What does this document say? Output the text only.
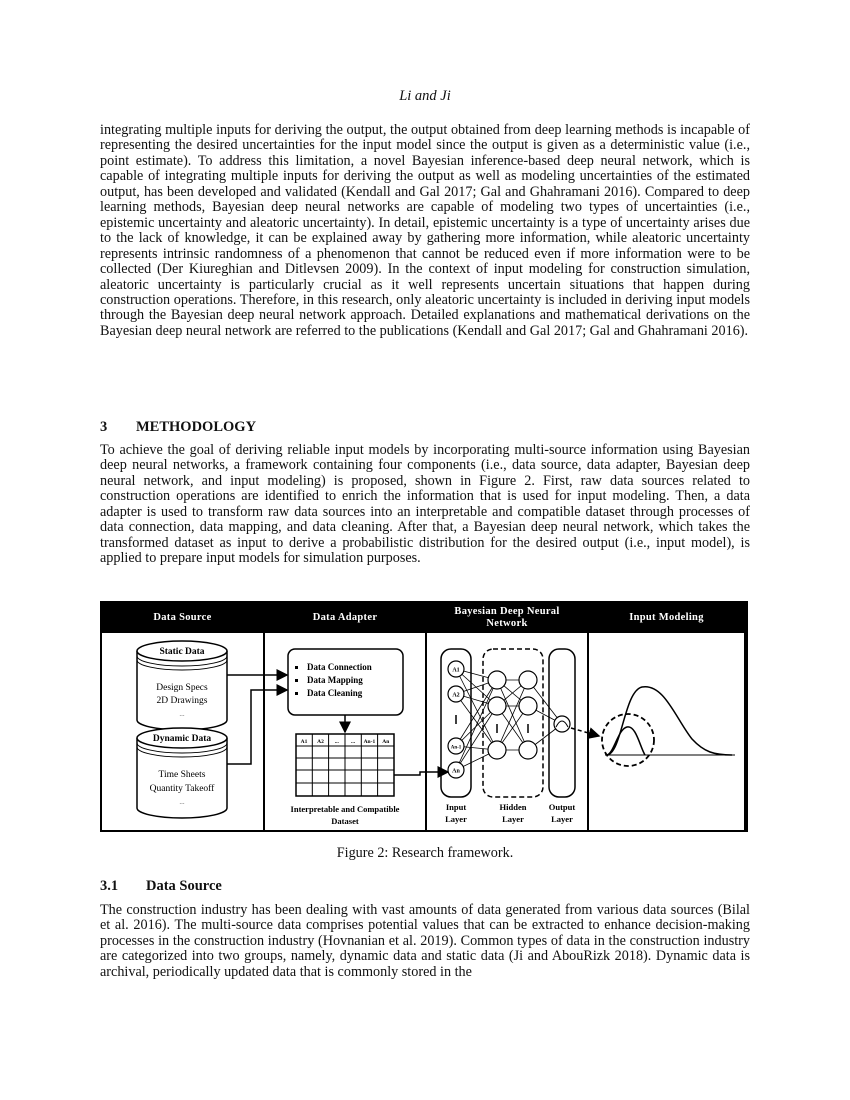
Li and Ji

integrating multiple inputs for deriving the output, the output obtained from deep learning methods is incapable of representing the desired uncertainties for the input model since the output is given as a deterministic value (i.e., point estimate). To address this limitation, a novel Bayesian inference-based deep neural network, which is capable of integrating multiple inputs for deriving the output as well as modeling uncertainties of the estimated output, has been developed and validated (Kendall and Gal 2017; Gal and Ghahramani 2016). Compared to deep learning methods, Bayesian deep neural networks are capable of modeling two types of uncertainties (i.e., epistemic uncertainty and aleatoric uncertainty). In detail, epistemic uncertainty is a type of uncertainty arises due to the lack of knowledge, it can be explained away by gathering more information, while aleatoric uncertainty represents intrinsic randomness of a phenomenon that cannot be reduced even if more information were to be collected (Der Kiureghian and Ditlevsen 2009). In the context of input modeling for construction simulation, aleatoric uncertainty is particularly crucial as it well represents uncertain situations that happen during construction operations. Therefore, in this research, only aleatoric uncertainty is included in deriving input models through the Bayesian deep neural network approach. Detailed explanations and mathematical derivations on the Bayesian deep neural network are referred to the publications (Kendall and Gal 2017; Gal and Ghahramani 2016).

3 METHODOLOGY

To achieve the goal of deriving reliable input models by incorporating multi-source information using Bayesian deep neural networks, a framework containing four components (i.e., data source, data adapter, Bayesian deep neural network, and input modeling) is proposed, shown in Figure 2. First, raw data sources related to construction operations are identified to enrich the information that is used for input modeling. Then, a data adapter is used to transform raw data sources into an interpretable and compatible dataset through processes of data connection, data mapping, and data cleaning. After that, a Bayesian deep neural network, which takes the transformed dataset as input to derive a probabilistic distribution for the desired output (i.e., input model), is applied to prepare input models for simulation purposes.

Data Source	Data Adapter
Bayesian Deep Neural Network
Input Modeling
Static Data
Design Specs
2D Drawings
...
Dynamic Data
Time Sheets
Quantity Takeoff
...
Data Connection
Data Mapping
Data Cleaning
A1 A2 ... ... An-1 An
Interpretable and Compatible
Dataset
A1
A2
An-1
An
Input
Layer
Hidden
Layer
Output
Layer
Figure 2: Research framework.
3.1 Data Source

The construction industry has been dealing with vast amounts of data generated from various data sources (Bilal et al. 2016). The multi-source data comprises potential values that can be extracted to enhance decision-making processes in the construction industry (Hovnanian et al. 2019). Common types of data in the construction industry are categorized into two groups, namely, dynamic data and static data (Ji and AbouRizk 2018). Dynamic data is archival, periodically updated data that is commonly stored in the
